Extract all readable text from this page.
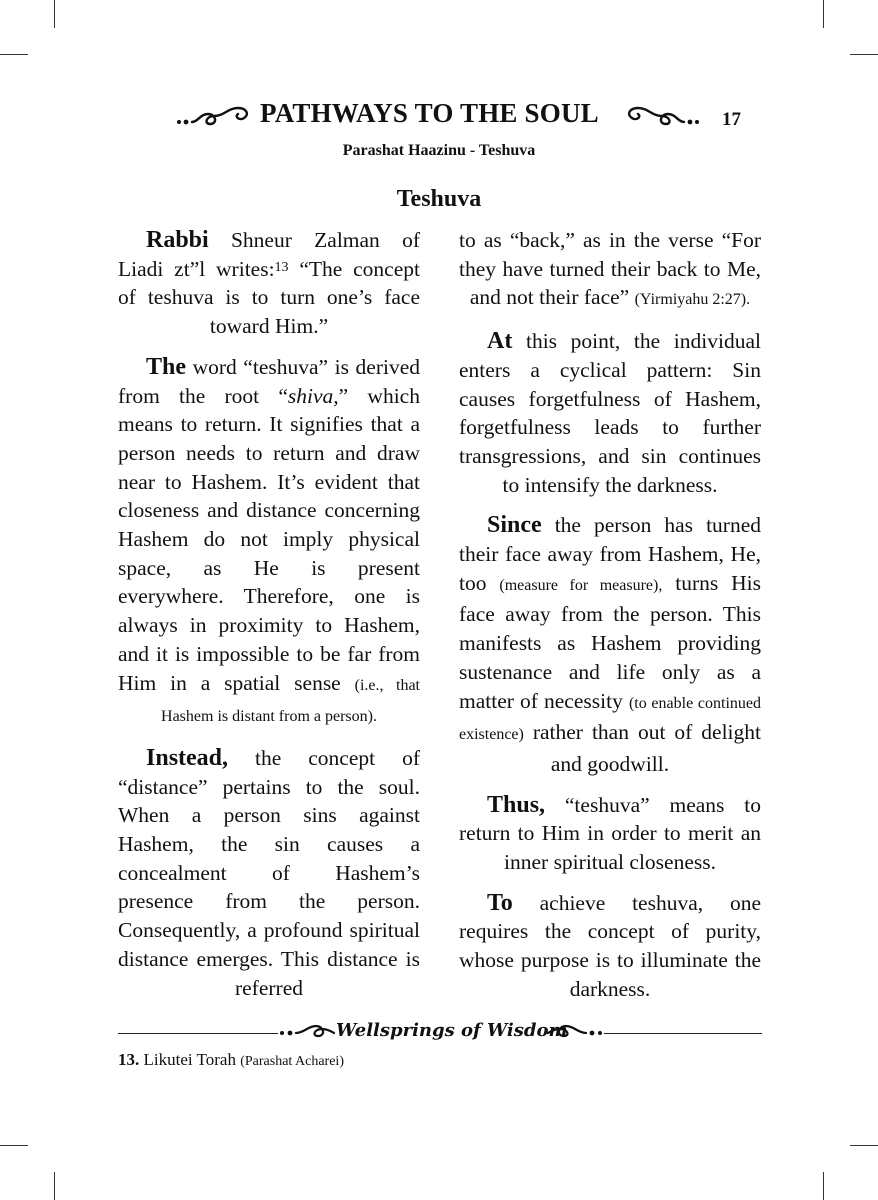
PATHWAYS TO THE SOUL	17
Parashat Haazinu - Teshuva
Teshuva

Rabbi Shneur Zalman of Liadi zt”l writes:$^{13}$ “The concept of teshuva is to turn one’s face toward Him.”

The word “teshuva” is derived from the root “shiva,” which means to return. It signifies that a person needs to return and draw near to Hashem. It’s evident that closeness and distance concerning Hashem do not imply physical space, as He is present everywhere. Therefore, one is always in proximity to Hashem, and it is impossible to be far from Him in a spatial sense (i.e., that Hashem is distant from a person).

Instead, the concept of “distance” pertains to the soul. When a person sins against Hashem, the sin causes a concealment of Hashem’s presence from the person. Consequently, a profound spiritual distance emerges. This distance is referred

to as “back,” as in the verse “For they have turned their back to Me, and not their face” (Yirmiyahu 2:27).

At this point, the individual enters a cyclical pattern: Sin causes forgetfulness of Hashem, forgetfulness leads to further transgressions, and sin continues to intensify the darkness.

Since the person has turned their face away from Hashem, He, too (measure for measure), turns His face away from the person. This manifests as Hashem providing sustenance and life only as a matter of necessity (to enable continued existence) rather than out of delight and goodwill.

Thus, “teshuva” means to return to Him in order to merit an inner spiritual closeness.

To achieve teshuva, one requires the concept of purity, whose purpose is to illuminate the darkness.

Wellsprings of Wisdom
13. Likutei Torah (Parashat Acharei)
